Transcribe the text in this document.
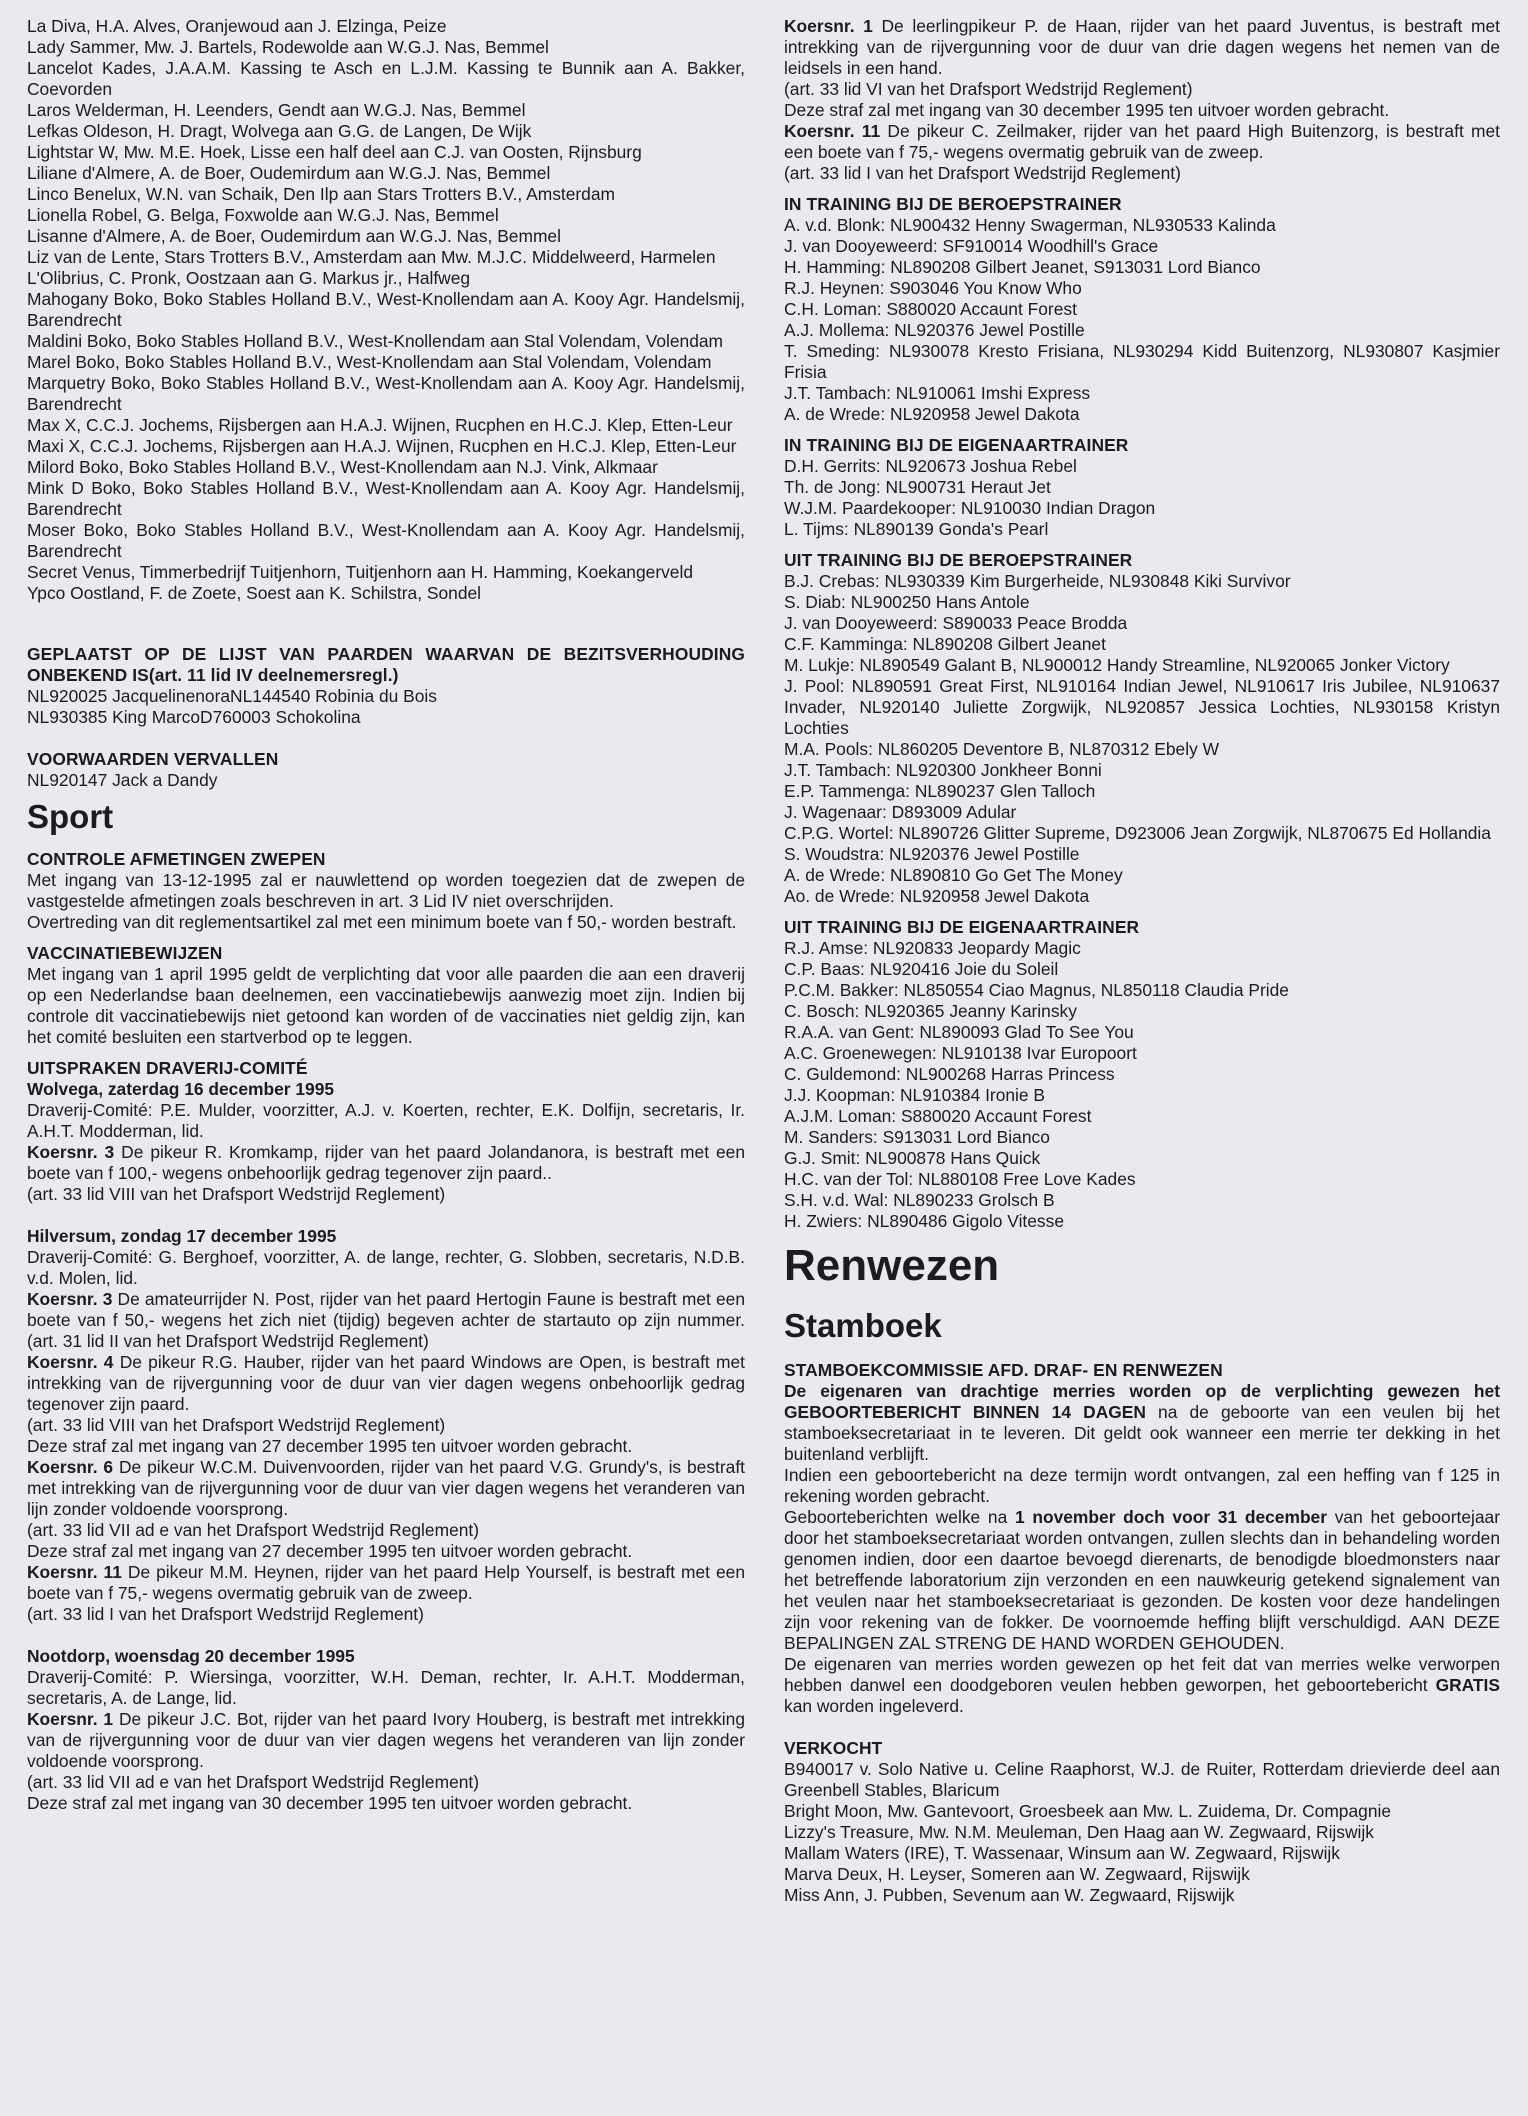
La Diva, H.A. Alves, Oranjewoud aan J. Elzinga, Peize

Lady Sammer, Mw. J. Bartels, Rodewolde aan W.G.J. Nas, Bemmel

Lancelot Kades, J.A.A.M. Kassing te Asch en L.J.M. Kassing te Bunnik aan A. Bakker, Coevorden

Laros Welderman, H. Leenders, Gendt aan W.G.J. Nas, Bemmel

Lefkas Oldeson, H. Dragt, Wolvega aan G.G. de Langen, De Wijk

Lightstar W, Mw. M.E. Hoek, Lisse een half deel aan C.J. van Oosten, Rijnsburg

Liliane d'Almere, A. de Boer, Oudemirdum aan W.G.J. Nas, Bemmel

Linco Benelux, W.N. van Schaik, Den Ilp aan Stars Trotters B.V., Amsterdam

Lionella Robel, G. Belga, Foxwolde aan W.G.J. Nas, Bemmel

Lisanne d'Almere, A. de Boer, Oudemirdum aan W.G.J. Nas, Bemmel

Liz van de Lente, Stars Trotters B.V., Amsterdam aan Mw. M.J.C. Middelweerd, Harmelen

L'Olibrius, C. Pronk, Oostzaan aan G. Markus jr., Halfweg

Mahogany Boko, Boko Stables Holland B.V., West-Knollendam aan A. Kooy Agr. Handelsmij, Barendrecht

Maldini Boko, Boko Stables Holland B.V., West-Knollendam aan Stal Volendam, Volendam

Marel Boko, Boko Stables Holland B.V., West-Knollendam aan Stal Volendam, Volendam

Marquetry Boko, Boko Stables Holland B.V., West-Knollendam aan A. Kooy Agr. Handelsmij, Barendrecht

Max X, C.C.J. Jochems, Rijsbergen aan H.A.J. Wijnen, Rucphen en H.C.J. Klep, Etten-Leur

Maxi X, C.C.J. Jochems, Rijsbergen aan H.A.J. Wijnen, Rucphen en H.C.J. Klep, Etten-Leur

Milord Boko, Boko Stables Holland B.V., West-Knollendam aan N.J. Vink, Alkmaar

Mink D Boko, Boko Stables Holland B.V., West-Knollendam aan A. Kooy Agr. Handelsmij, Barendrecht

Moser Boko, Boko Stables Holland B.V., West-Knollendam aan A. Kooy Agr. Handelsmij, Barendrecht

Secret Venus, Timmerbedrijf Tuitjenhorn, Tuitjenhorn aan H. Hamming, Koekangerveld

Ypco Oostland, F. de Zoete, Soest aan K. Schilstra, Sondel

GEPLAATST OP DE LIJST VAN PAARDEN WAARVAN DE BEZITSVERHOUDING ONBEKEND IS(art. 11 lid IV deelnemersregl.)

NL920025 JacquelinenoraNL144540 Robinia du Bois

NL930385 King MarcoD760003 Schokolina

VOORWAARDEN VERVALLEN

NL920147 Jack a Dandy

Sport

CONTROLE AFMETINGEN ZWEPEN

Met ingang van 13-12-1995 zal er nauwlettend op worden toegezien dat de zwepen de vastgestelde afmetingen zoals beschreven in art. 3 Lid IV niet overschrijden.

Overtreding van dit reglementsartikel zal met een minimum boete van f 50,- worden bestraft.

VACCINATIEBEWIJZEN

Met ingang van 1 april 1995 geldt de verplichting dat voor alle paarden die aan een draverij op een Nederlandse baan deelnemen, een vaccinatiebewijs aanwezig moet zijn. Indien bij controle dit vaccinatiebewijs niet getoond kan worden of de vaccinaties niet geldig zijn, kan het comité besluiten een startverbod op te leggen.

UITSPRAKEN DRAVERIJ-COMITÉ

Wolvega, zaterdag 16 december 1995

Draverij-Comité: P.E. Mulder, voorzitter, A.J. v. Koerten, rechter, E.K. Dolfijn, secretaris, Ir. A.H.T. Modderman, lid.

Koersnr. 3 De pikeur R. Kromkamp, rijder van het paard Jolandanora, is bestraft met een boete van f 100,- wegens onbehoorlijk gedrag tegenover zijn paard..

(art. 33 lid VIII van het Drafsport Wedstrijd Reglement)

Hilversum, zondag 17 december 1995

Draverij-Comité: G. Berghoef, voorzitter, A. de lange, rechter, G. Slobben, secretaris, N.D.B. v.d. Molen, lid.

Koersnr. 3 De amateurrijder N. Post, rijder van het paard Hertogin Faune is bestraft met een boete van f 50,- wegens het zich niet (tijdig) begeven achter de startauto op zijn nummer. (art. 31 lid II van het Drafsport Wedstrijd Reglement)

Koersnr. 4 De pikeur R.G. Hauber, rijder van het paard Windows are Open, is bestraft met intrekking van de rijvergunning voor de duur van vier dagen wegens onbehoorlijk gedrag tegenover zijn paard.

(art. 33 lid VIII van het Drafsport Wedstrijd Reglement)

Deze straf zal met ingang van 27 december 1995 ten uitvoer worden gebracht.

Koersnr. 6 De pikeur W.C.M. Duivenvoorden, rijder van het paard V.G. Grundy's, is bestraft met intrekking van de rijvergunning voor de duur van vier dagen wegens het veranderen van lijn zonder voldoende voorsprong.

(art. 33 lid VII ad e van het Drafsport Wedstrijd Reglement)

Deze straf zal met ingang van 27 december 1995 ten uitvoer worden gebracht.

Koersnr. 11 De pikeur M.M. Heynen, rijder van het paard Help Yourself, is bestraft met een boete van f 75,- wegens overmatig gebruik van de zweep.

(art. 33 lid I van het Drafsport Wedstrijd Reglement)

Nootdorp, woensdag 20 december 1995

Draverij-Comité: P. Wiersinga, voorzitter, W.H. Deman, rechter, Ir. A.H.T. Modderman, secretaris, A. de Lange, lid.

Koersnr. 1 De pikeur J.C. Bot, rijder van het paard Ivory Houberg, is bestraft met intrekking van de rijvergunning voor de duur van vier dagen wegens het veranderen van lijn zonder voldoende voorsprong.

(art. 33 lid VII ad e van het Drafsport Wedstrijd Reglement)

Deze straf zal met ingang van 30 december 1995 ten uitvoer worden gebracht.

Koersnr. 1 De leerlingpikeur P. de Haan, rijder van het paard Juventus, is bestraft met intrekking van de rijvergunning voor de duur van drie dagen wegens het nemen van de leidsels in een hand.

(art. 33 lid VI van het Drafsport Wedstrijd Reglement)

Deze straf zal met ingang van 30 december 1995 ten uitvoer worden gebracht.

Koersnr. 11 De pikeur C. Zeilmaker, rijder van het paard High Buitenzorg, is bestraft met een boete van f 75,- wegens overmatig gebruik van de zweep.

(art. 33 lid I van het Drafsport Wedstrijd Reglement)

IN TRAINING BIJ DE BEROEPSTRAINER

A. v.d. Blonk: NL900432 Henny Swagerman, NL930533 Kalinda

J. van Dooyeweerd: SF910014 Woodhill's Grace

H. Hamming: NL890208 Gilbert Jeanet, S913031 Lord Bianco

R.J. Heynen: S903046 You Know Who

C.H. Loman: S880020 Accaunt Forest

A.J. Mollema: NL920376 Jewel Postille

T. Smeding: NL930078 Kresto Frisiana, NL930294 Kidd Buitenzorg, NL930807 Kasjmier Frisia

J.T. Tambach: NL910061 Imshi Express

A. de Wrede: NL920958 Jewel Dakota

IN TRAINING BIJ DE EIGENAARTRAINER

D.H. Gerrits: NL920673 Joshua Rebel

Th. de Jong: NL900731 Heraut Jet

W.J.M. Paardekooper: NL910030 Indian Dragon

L. Tijms: NL890139 Gonda's Pearl

UIT TRAINING BIJ DE BEROEPSTRAINER

B.J. Crebas: NL930339 Kim Burgerheide, NL930848 Kiki Survivor

S. Diab: NL900250 Hans Antole

J. van Dooyeweerd: S890033 Peace Brodda

C.F. Kamminga: NL890208 Gilbert Jeanet

M. Lukje: NL890549 Galant B, NL900012 Handy Streamline, NL920065 Jonker Victory

J. Pool: NL890591 Great First, NL910164 Indian Jewel, NL910617 Iris Jubilee, NL910637 Invader, NL920140 Juliette Zorgwijk, NL920857 Jessica Lochties, NL930158 Kristyn Lochties

M.A. Pools: NL860205 Deventore B, NL870312 Ebely W

J.T. Tambach: NL920300 Jonkheer Bonni

E.P. Tammenga: NL890237 Glen Talloch

J. Wagenaar: D893009 Adular

C.P.G. Wortel: NL890726 Glitter Supreme, D923006 Jean Zorgwijk, NL870675 Ed Hollandia

S. Woudstra: NL920376 Jewel Postille

A. de Wrede: NL890810 Go Get The Money

Ao. de Wrede: NL920958 Jewel Dakota

UIT TRAINING BIJ DE EIGENAARTRAINER

R.J. Amse: NL920833 Jeopardy Magic

C.P. Baas: NL920416 Joie du Soleil

P.C.M. Bakker: NL850554 Ciao Magnus, NL850118 Claudia Pride

C. Bosch: NL920365 Jeanny Karinsky

R.A.A. van Gent: NL890093 Glad To See You

A.C. Groenewegen: NL910138 Ivar Europoort

C. Guldemond: NL900268 Harras Princess

J.J. Koopman: NL910384 Ironie B

A.J.M. Loman: S880020 Accaunt Forest

M. Sanders: S913031 Lord Bianco

G.J. Smit: NL900878 Hans Quick

H.C. van der Tol: NL880108 Free Love Kades

S.H. v.d. Wal: NL890233 Grolsch B

H. Zwiers: NL890486 Gigolo Vitesse

Renwezen
Stamboek

STAMBOEKCOMMISSIE AFD. DRAF- EN RENWEZEN

De eigenaren van drachtige merries worden op de verplichting gewezen het GEBOORTEBERICHT BINNEN 14 DAGEN na de geboorte van een veulen bij het stamboeksecretariaat in te leveren. Dit geldt ook wanneer een merrie ter dekking in het buitenland verblijft.

Indien een geboortebericht na deze termijn wordt ontvangen, zal een heffing van f 125 in rekening worden gebracht.

Geboorteberichten welke na 1 november doch voor 31 december van het geboortejaar door het stamboeksecretariaat worden ontvangen, zullen slechts dan in behandeling worden genomen indien, door een daartoe bevoegd dierenarts, de benodigde bloedmonsters naar het betreffende laboratorium zijn verzonden en een nauwkeurig getekend signalement van het veulen naar het stamboeksecretariaat is gezonden. De kosten voor deze handelingen zijn voor rekening van de fokker. De voornoemde heffing blijft verschuldigd. AAN DEZE BEPALINGEN ZAL STRENG DE HAND WORDEN GEHOUDEN.

De eigenaren van merries worden gewezen op het feit dat van merries welke verworpen hebben danwel een doodgeboren veulen hebben geworpen, het geboortebericht GRATIS kan worden ingeleverd.

VERKOCHT

B940017 v. Solo Native u. Celine Raaphorst, W.J. de Ruiter, Rotterdam drievierde deel aan Greenbell Stables, Blaricum

Bright Moon, Mw. Gantevoort, Groesbeek aan Mw. L. Zuidema, Dr. Compagnie

Lizzy's Treasure, Mw. N.M. Meuleman, Den Haag aan W. Zegwaard, Rijswijk

Mallam Waters (IRE), T. Wassenaar, Winsum aan W. Zegwaard, Rijswijk

Marva Deux, H. Leyser, Someren aan W. Zegwaard, Rijswijk

Miss Ann, J. Pubben, Sevenum aan W. Zegwaard, Rijswijk
